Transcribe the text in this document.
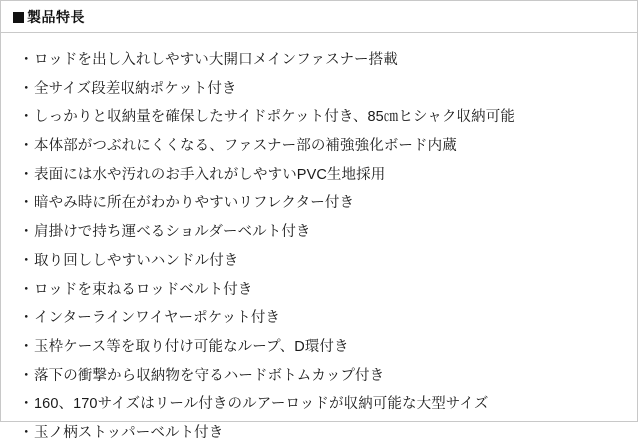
製品特長
・ ロッドを出し入れしやすい大開口メインファスナー搭載
・ 全サイズ段差収納ポケット付き
・ しっかりと収納量を確保したサイドポケット付き、85㎝ヒシャク収納可能
・ 本体部がつぶれにくくなる、ファスナー部の補強強化ボード内蔵
・ 表面には水や汚れのお手入れがしやすいPVC生地採用
・ 暗やみ時に所在がわかりやすいリフレクター付き
・ 肩掛けで持ち運べるショルダーベルト付き
・ 取り回ししやすいハンドル付き
・ ロッドを束ねるロッドベルト付き
・ インターラインワイヤーポケット付き
・ 玉枠ケース等を取り付け可能なループ、D環付き
・ 落下の衝撃から収納物を守るハードボトムカップ付き
・ 160、170サイズはリール付きのルアーロッドが収納可能な大型サイズ
・ 玉ノ柄ストッパーベルト付き
